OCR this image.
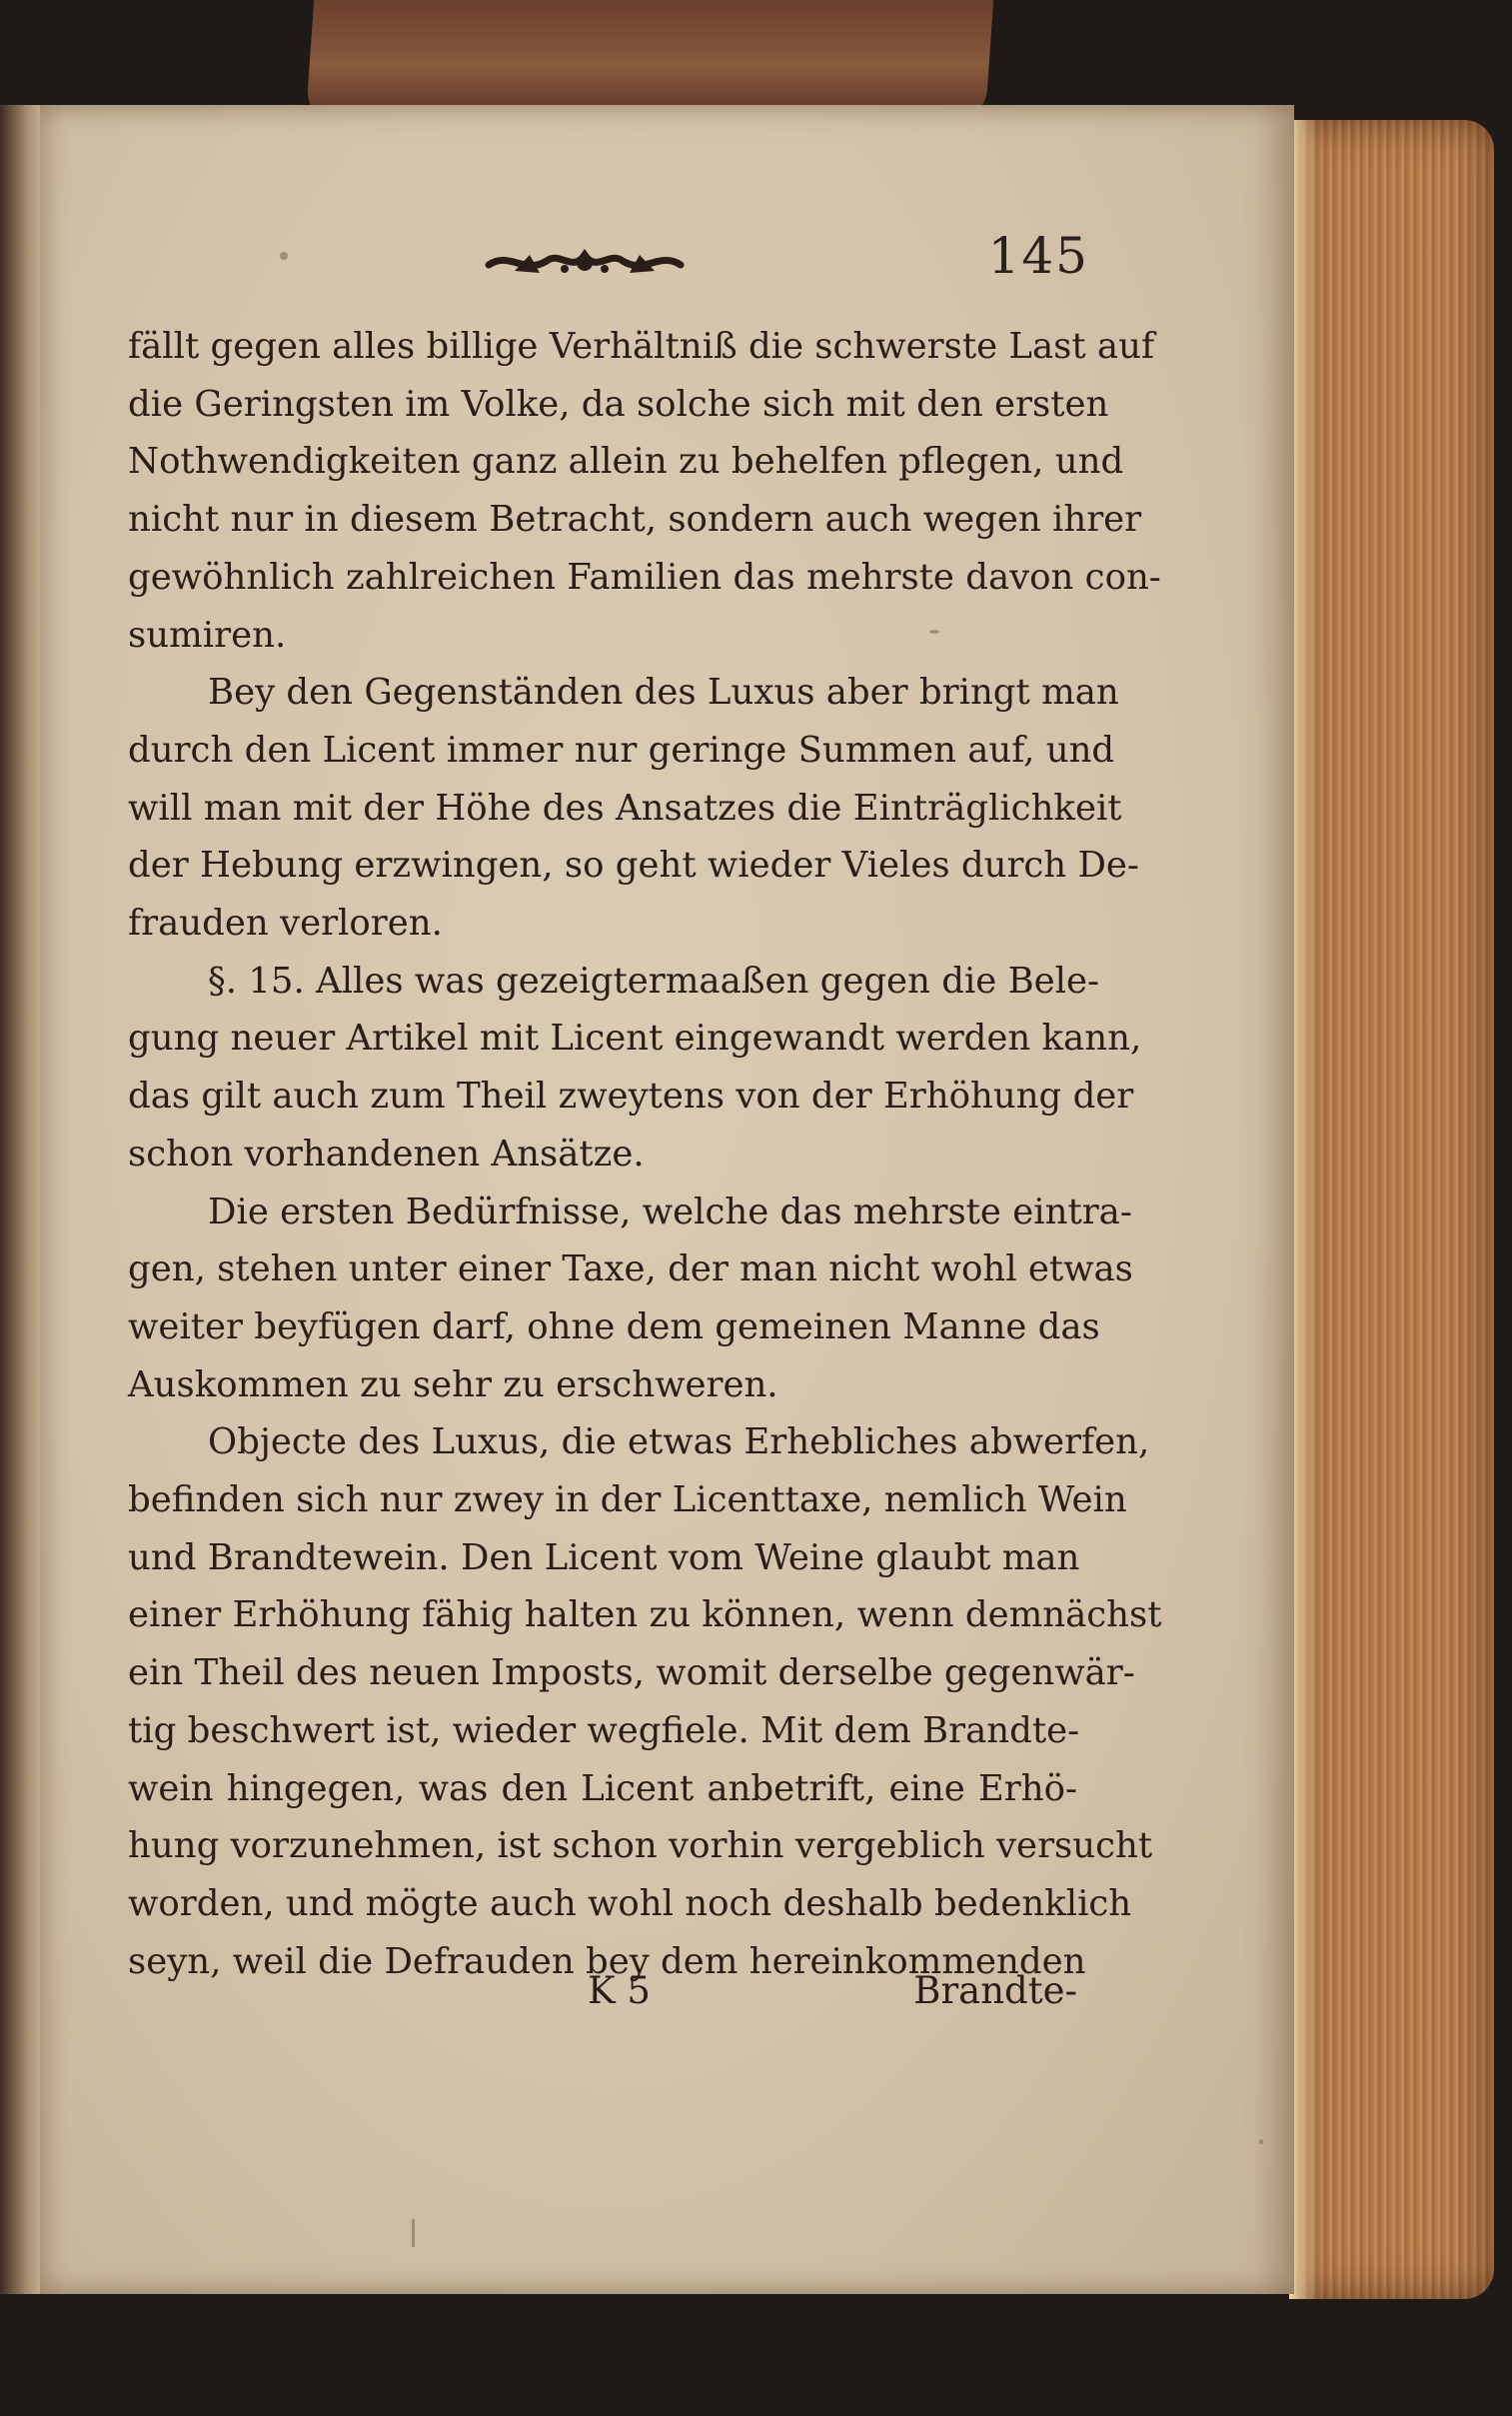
145
fällt gegen alles billige Verhältniß die schwerste Last auf
die Geringsten im Volke, da solche sich mit den ersten
Nothwendigkeiten ganz allein zu behelfen pflegen, und
nicht nur in diesem Betracht, sondern auch wegen ihrer
gewöhnlich zahlreichen Familien das mehrste davon con-
sumiren.
Bey den Gegenständen des Luxus aber bringt man
durch den Licent immer nur geringe Summen auf, und
will man mit der Höhe des Ansatzes die Einträglichkeit
der Hebung erzwingen, so geht wieder Vieles durch De-
frauden verloren.
§. 15. Alles was gezeigtermaaßen gegen die Bele-
gung neuer Artikel mit Licent eingewandt werden kann,
das gilt auch zum Theil zweytens von der Erhöhung der
schon vorhandenen Ansätze.
Die ersten Bedürfnisse, welche das mehrste eintra-
gen, stehen unter einer Taxe, der man nicht wohl etwas
weiter beyfügen darf, ohne dem gemeinen Manne das
Auskommen zu sehr zu erschweren.
Objecte des Luxus, die etwas Erhebliches abwerfen,
befinden sich nur zwey in der Licenttaxe, nemlich Wein
und Brandtewein. Den Licent vom Weine glaubt man
einer Erhöhung fähig halten zu können, wenn demnächst
ein Theil des neuen Imposts, womit derselbe gegenwär-
tig beschwert ist, wieder wegfiele. Mit dem Brandte-
wein hingegen, was den Licent anbetrift, eine Erhö-
hung vorzunehmen, ist schon vorhin vergeblich versucht
worden, und mögte auch wohl noch deshalb bedenklich
seyn, weil die Defrauden bey dem hereinkommenden
K 5	Brandte-
